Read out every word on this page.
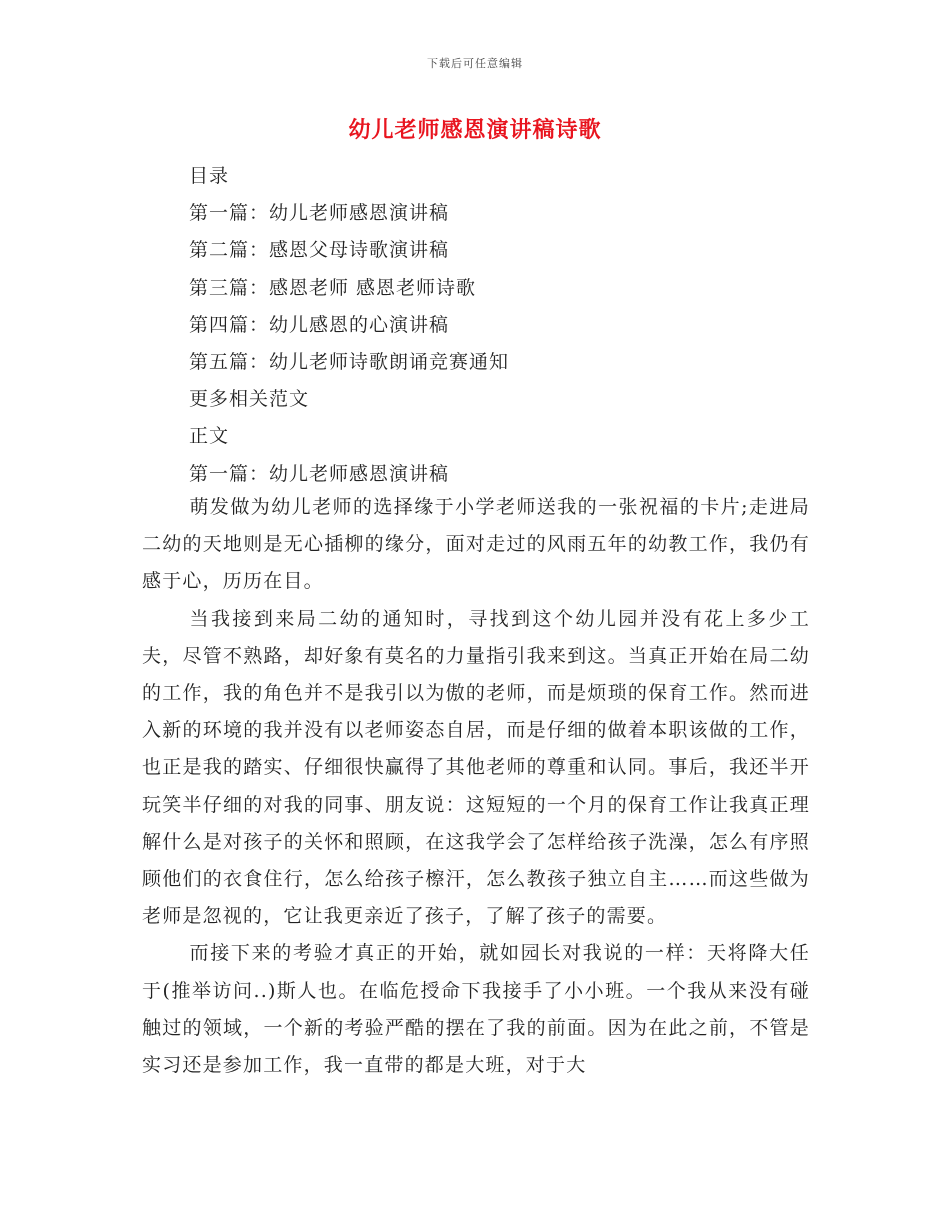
下载后可任意编辑
幼儿老师感恩演讲稿诗歌
目录
第一篇：幼儿老师感恩演讲稿
第二篇：感恩父母诗歌演讲稿
第三篇：感恩老师 感恩老师诗歌
第四篇：幼儿感恩的心演讲稿
第五篇：幼儿老师诗歌朗诵竞赛通知
更多相关范文
正文
第一篇：幼儿老师感恩演讲稿

萌发做为幼儿老师的选择缘于小学老师送我的一张祝福的卡片;走进局二幼的天地则是无心插柳的缘分，面对走过的风雨五年的幼教工作，我仍有感于心，历历在目。

当我接到来局二幼的通知时，寻找到这个幼儿园并没有花上多少工夫，尽管不熟路，却好象有莫名的力量指引我来到这。当真正开始在局二幼的工作，我的角色并不是我引以为傲的老师，而是烦琐的保育工作。然而进入新的环境的我并没有以老师姿态自居，而是仔细的做着本职该做的工作，也正是我的踏实、仔细很快赢得了其他老师的尊重和认同。事后，我还半开玩笑半仔细的对我的同事、朋友说：这短短的一个月的保育工作让我真正理解什么是对孩子的关怀和照顾，在这我学会了怎样给孩子洗澡，怎么有序照顾他们的衣食住行，怎么给孩子檫汗，怎么教孩子独立自主……而这些做为老师是忽视的，它让我更亲近了孩子，了解了孩子的需要。

而接下来的考验才真正的开始，就如园长对我说的一样：天将降大任于(推举访问..)斯人也。在临危授命下我接手了小小班。一个我从来没有碰触过的领域，一个新的考验严酷的摆在了我的前面。因为在此之前，不管是实习还是参加工作，我一直带的都是大班，对于大
